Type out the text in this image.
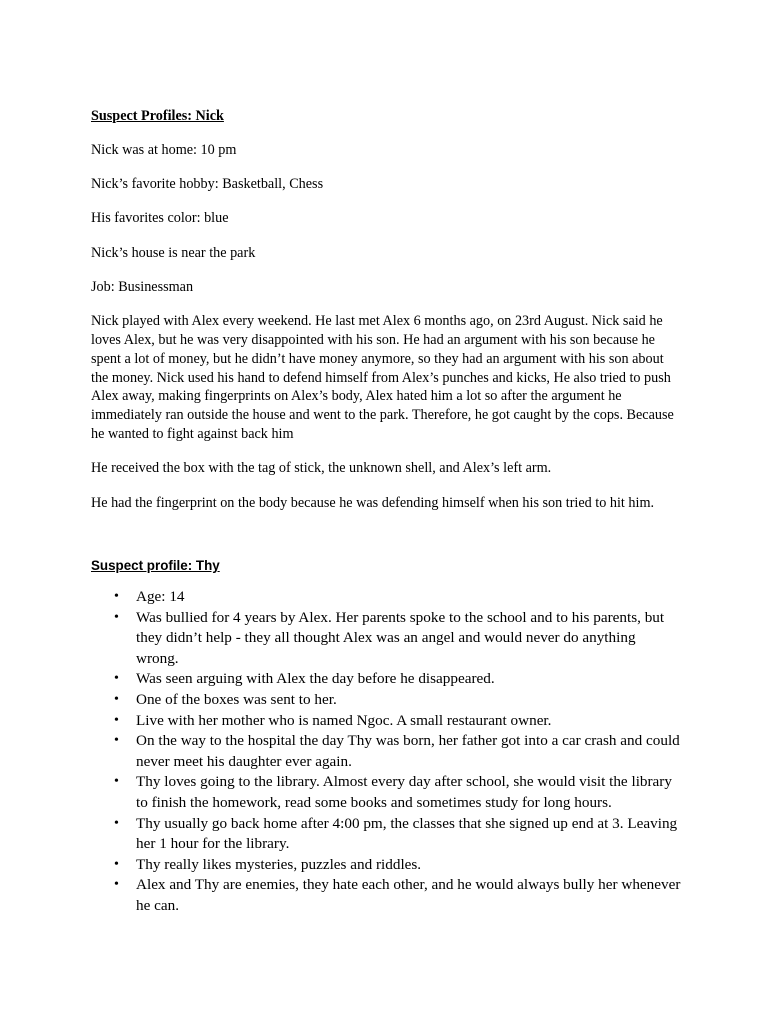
Suspect Profiles: Nick

Nick was at home: 10 pm

Nick’s favorite hobby: Basketball, Chess

His favorites color: blue

Nick’s house is near the park

Job: Businessman

Nick played with Alex every weekend. He last met Alex 6 months ago, on 23rd August. Nick said he loves Alex, but he was very disappointed with his son. He had an argument with his son because he spent a lot of money, but he didn’t have money anymore, so they had an argument with his son about the money. Nick used his hand to defend himself from Alex’s punches and kicks, He also tried to push Alex away, making fingerprints on Alex’s body, Alex hated him a lot so after the argument he immediately ran outside the house and went to the park. Therefore, he got caught by the cops. Because he wanted to fight against back him

He received the box with the tag of stick, the unknown shell, and Alex’s left arm.

He had the fingerprint on the body because he was defending himself when his son tried to hit him.

Suspect profile: Thy
• Age: 14
• Was bullied for 4 years by Alex. Her parents spoke to the school and to his parents, but they didn’t help - they all thought Alex was an angel and would never do anything wrong.
• Was seen arguing with Alex the day before he disappeared.
• One of the boxes was sent to her.
• Live with her mother who is named Ngoc. A small restaurant owner.
• On the way to the hospital the day Thy was born, her father got into a car crash and could never meet his daughter ever again.
• Thy loves going to the library. Almost every day after school, she would visit the library to finish the homework, read some books and sometimes study for long hours.
• Thy usually go back home after 4:00 pm, the classes that she signed up end at 3. Leaving her 1 hour for the library.
• Thy really likes mysteries, puzzles and riddles.
• Alex and Thy are enemies, they hate each other, and he would always bully her whenever he can.
